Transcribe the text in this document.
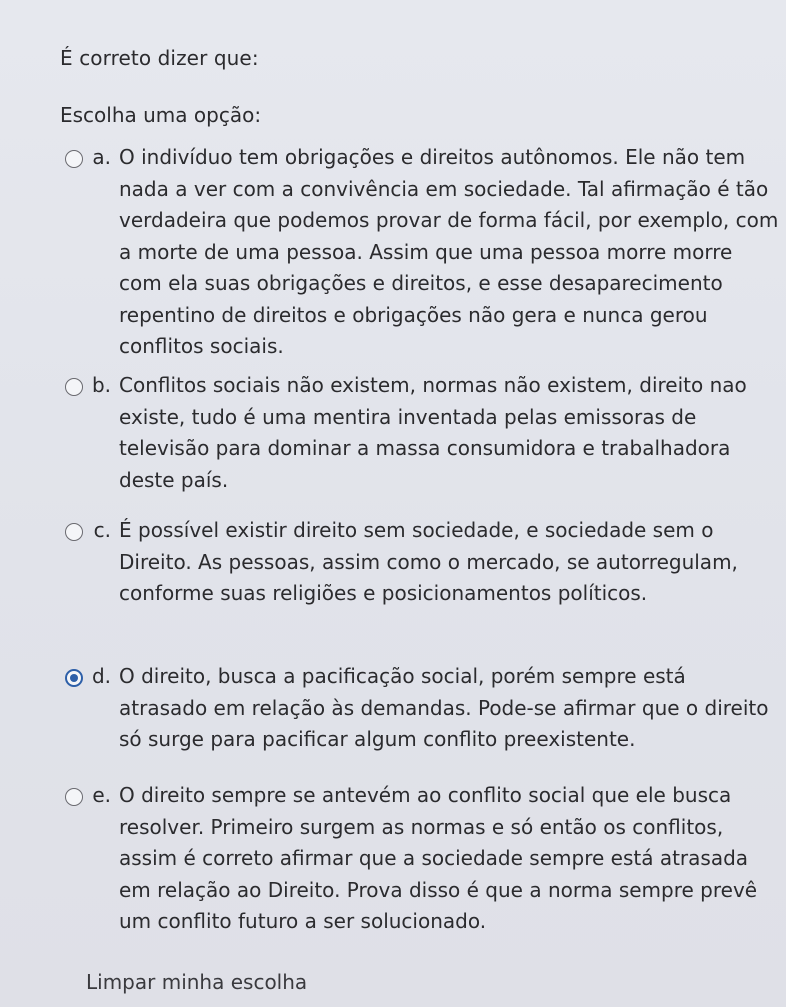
É correto dizer que:
Escolha uma opção:
a. O indivíduo tem obrigações e direitos autônomos. Ele não tem nada a ver com a convivência em sociedade. Tal afirmação é tão verdadeira que podemos provar de forma fácil, por exemplo, com a morte de uma pessoa. Assim que uma pessoa morre morre com ela suas obrigações e direitos, e esse desaparecimento repentino de direitos e obrigações não gera e nunca gerou conflitos sociais.
b. Conflitos sociais não existem, normas não existem, direito nao existe, tudo é uma mentira inventada pelas emissoras de televisão para dominar a massa consumidora e trabalhadora deste país.
c. É possível existir direito sem sociedade, e sociedade sem o Direito. As pessoas, assim como o mercado, se autorregulam, conforme suas religiões e posicionamentos políticos.
d. O direito, busca a pacificação social, porém sempre está atrasado em relação às demandas. Pode-se afirmar que o direito só surge para pacificar algum conflito preexistente.
e. O direito sempre se antevém ao conflito social que ele busca resolver. Primeiro surgem as normas e só então os conflitos, assim é correto afirmar que a sociedade sempre está atrasada em relação ao Direito. Prova disso é que a norma sempre prevê um conflito futuro a ser solucionado.
Limpar minha escolha
